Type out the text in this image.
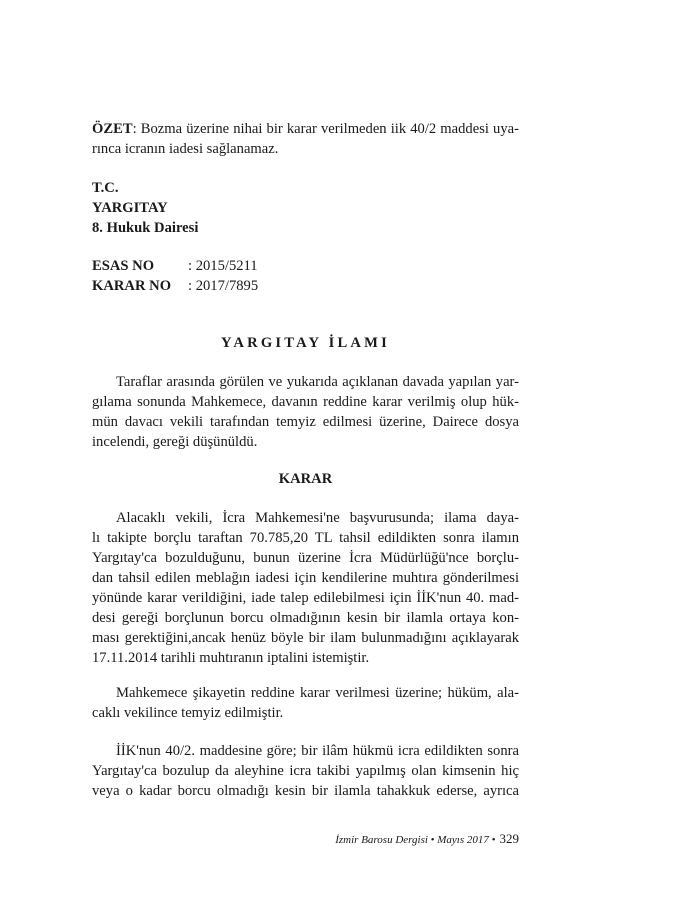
ÖZET: Bozma üzerine nihai bir karar verilmeden iik 40/2 maddesi uya-

rınca icranın iadesi sağlanamaz.

T.C.

YARGITAY

8. Hukuk Dairesi

ESAS NO	: 2015/5211
KARAR NO	: 2017/7895
YARGITAY İLAMI

Taraflar arasında görülen ve yukarıda açıklanan davada yapılan yar-

gılama sonunda Mahkemece, davanın reddine karar verilmiş olup hük-

mün davacı vekili tarafından temyiz edilmesi üzerine, Dairece dosya

incelendi, gereği düşünüldü.

KARAR

Alacaklı vekili, İcra Mahkemesi'ne başvurusunda; ilama daya-

lı takipte borçlu taraftan 70.785,20 TL tahsil edildikten sonra ilamın

Yargıtay'ca bozulduğunu, bunun üzerine İcra Müdürlüğü'nce borçlu-

dan tahsil edilen meblağın iadesi için kendilerine muhtıra gönderilmesi

yönünde karar verildiğini, iade talep edilebilmesi için İİK'nun 40. mad-

desi gereği borçlunun borcu olmadığının kesin bir ilamla ortaya kon-

ması gerektiğini,ancak henüz böyle bir ilam bulunmadığını açıklayarak

17.11.2014 tarihli muhtıranın iptalini istemiştir.

Mahkemece şikayetin reddine karar verilmesi üzerine; hüküm, ala-

caklı vekilince temyiz edilmiştir.

İİK'nun 40/2. maddesine göre; bir ilâm hükmü icra edildikten sonra

Yargıtay'ca bozulup da aleyhine icra takibi yapılmış olan kimsenin hiç

veya o kadar borcu olmadığı kesin bir ilamla tahakkuk ederse, ayrıca

İzmir Barosu Dergisi • Mayıs 2017 • 329
